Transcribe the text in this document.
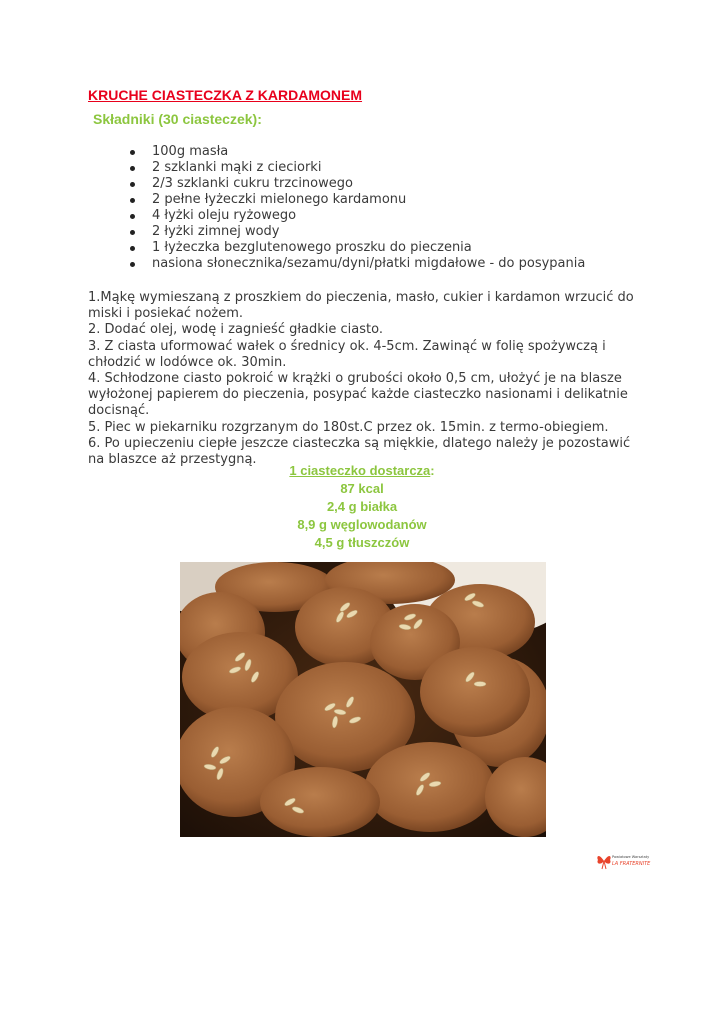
KRUCHE CIASTECZKA Z KARDAMONEM
Składniki (30 ciasteczek):
100g masła
2 szklanki mąki z cieciorki
2/3 szklanki cukru trzcinowego
2 pełne łyżeczki mielonego kardamonu
4 łyżki oleju ryżowego
2 łyżki zimnej wody
1 łyżeczka bezglutenowego proszku do pieczenia
nasiona słonecznika/sezamu/dyni/płatki migdałowe - do posypania

1.Mąkę wymieszaną z proszkiem do pieczenia, masło, cukier i kardamon wrzucić do miski i posiekać nożem.

2. Dodać olej, wodę i zagnieść gładkie ciasto.

3. Z ciasta uformować wałek o średnicy ok. 4-5cm. Zawinąć w folię spożywczą i chłodzić w lodówce ok. 30min.

4. Schłodzone ciasto pokroić w krążki o grubości około 0,5 cm, ułożyć je na blasze wyłożonej papierem do pieczenia, posypać każde ciasteczko nasionami i delikatnie docisnąć.

5. Piec w piekarniku rozgrzanym do 180st.C przez ok. 15min. z termo-obiegiem.

6. Po upieczeniu ciepłe jeszcze ciasteczka są miękkie, dlatego należy je pozostawić na blaszce aż przestygną.

1 ciasteczko dostarcza:
87 kcal
2,4 g białka
8,9 g węglowodanów
4,5 g tłuszczów
Powiatowe Warsztaty
LA FRATERNITE
